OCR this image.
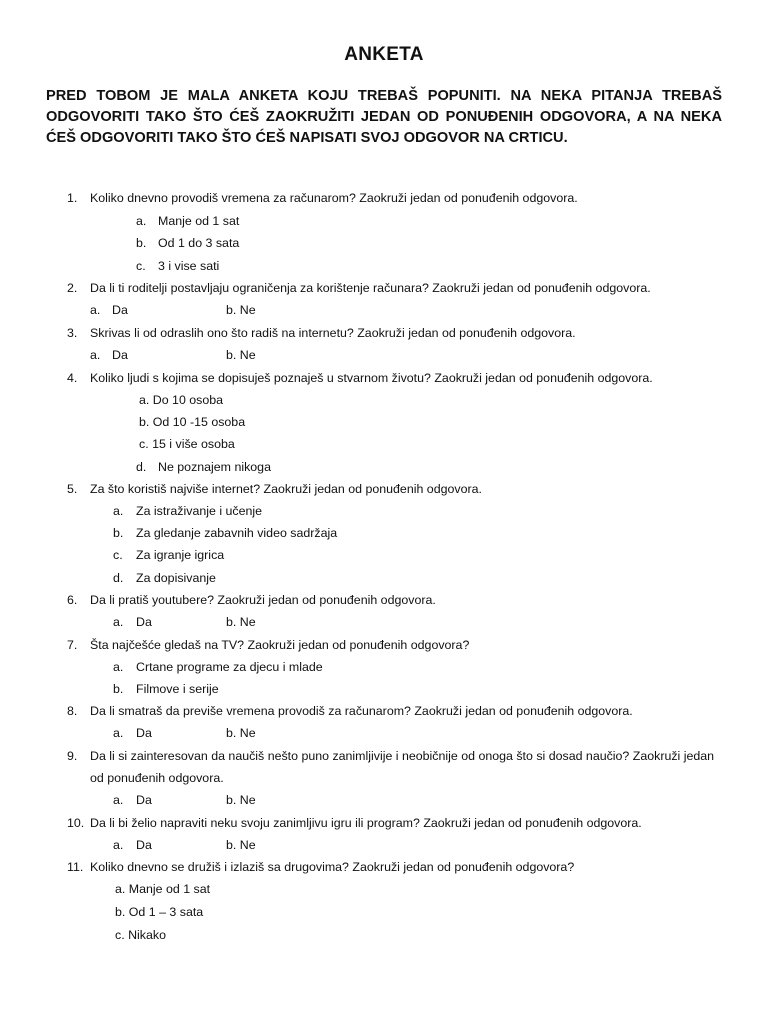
ANKETA
PRED TOBOM JE MALA ANKETA KOJU TREBAŠ POPUNITI. NA NEKA PITANJA TREBAŠ ODGOVORITI TAKO ŠTO ĆEŠ ZAOKRUŽITI JEDAN OD PONUĐENIH ODGOVORA, A NA NEKA ĆEŠ ODGOVORITI TAKO ŠTO ĆEŠ NAPISATI SVOJ ODGOVOR NA CRTICU.
1. Koliko dnevno provodiš vremena za računarom? Zaokruži jedan od ponuđenih odgovora.
a. Manje od 1 sat
b. Od 1 do 3 sata
c. 3 i vise sati
2. Da li ti roditelji postavljaju ograničenja za korištenje računara? Zaokruži jedan od ponuđenih odgovora.
a. Da	b. Ne
3. Skrivas li od odraslih ono što radiš na internetu? Zaokruži jedan od ponuđenih odgovora.
a. Da	b. Ne
4. Koliko ljudi s kojima se dopisuješ poznaješ u stvarnom životu? Zaokruži jedan od ponuđenih odgovora.
a. Do 10 osoba
b. Od 10 -15 osoba
c. 15 i više osoba
d. Ne poznajem nikoga
5. Za što koristiš najviše internet? Zaokruži jedan od ponuđenih odgovora.
a. Za istraživanje i učenje
b. Za gledanje zabavnih video sadržaja
c. Za igranje igrica
d. Za dopisivanje
6. Da li pratiš youtubere? Zaokruži jedan od ponuđenih odgovora.
a. Da	b. Ne
7. Šta najčešće gledaš na TV? Zaokruži jedan od ponuđenih odgovora?
a. Crtane programe za djecu i mlade
b. Filmove i serije
8. Da li smatraš da previše vremena provodiš za računarom? Zaokruži jedan od ponuđenih odgovora.
a. Da	b. Ne
9. Da li si zainteresovan da naučiš nešto puno zanimljivije i neobičnije od onoga što si dosad naučio? Zaokruži jedan
od ponuđenih odgovora.
a. Da	b. Ne
10. Da li bi želio napraviti neku svoju zanimljivu igru ili program? Zaokruži jedan od ponuđenih odgovora.
a. Da	b. Ne
11. Koliko dnevno se družiš i izlaziš sa drugovima? Zaokruži jedan od ponuđenih odgovora?
a. Manje od 1 sat
b. Od 1 – 3 sata
c. Nikako
